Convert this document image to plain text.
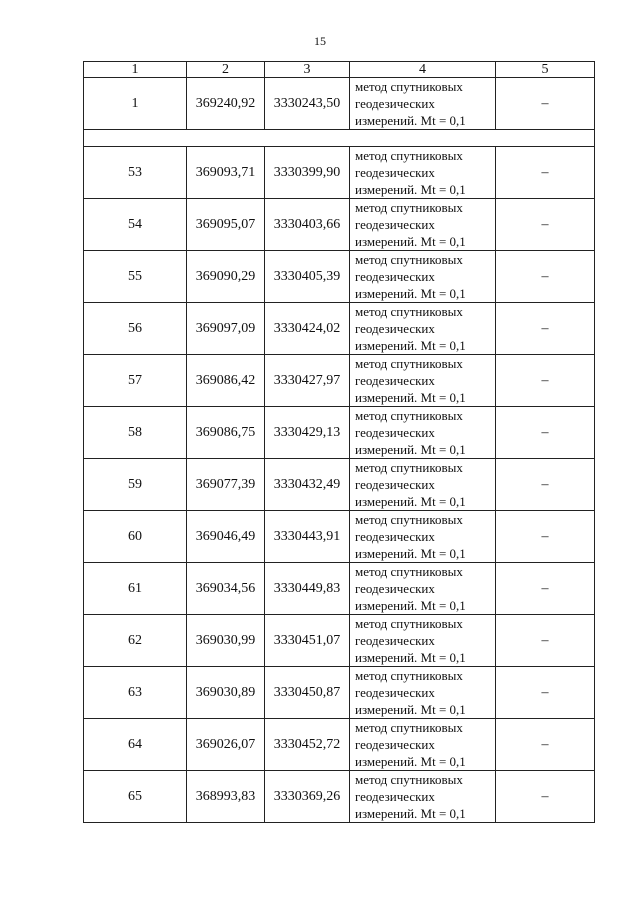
15
1	2	3	4	5
1	369240,92	3330243,50	метод спутниковых
геодезических
измерений. Mt = 0,1	–

53	369093,71	3330399,90	метод спутниковых
геодезических
измерений. Mt = 0,1	–
54	369095,07	3330403,66	метод спутниковых
геодезических
измерений. Mt = 0,1	–
55	369090,29	3330405,39	метод спутниковых
геодезических
измерений. Mt = 0,1	–
56	369097,09	3330424,02	метод спутниковых
геодезических
измерений. Mt = 0,1	–
57	369086,42	3330427,97	метод спутниковых
геодезических
измерений. Mt = 0,1	–
58	369086,75	3330429,13	метод спутниковых
геодезических
измерений. Mt = 0,1	–
59	369077,39	3330432,49	метод спутниковых
геодезических
измерений. Mt = 0,1	–
60	369046,49	3330443,91	метод спутниковых
геодезических
измерений. Mt = 0,1	–
61	369034,56	3330449,83	метод спутниковых
геодезических
измерений. Mt = 0,1	–
62	369030,99	3330451,07	метод спутниковых
геодезических
измерений. Mt = 0,1	–
63	369030,89	3330450,87	метод спутниковых
геодезических
измерений. Mt = 0,1	–
64	369026,07	3330452,72	метод спутниковых
геодезических
измерений. Mt = 0,1	–
65	368993,83	3330369,26	метод спутниковых
геодезических
измерений. Mt = 0,1	–
